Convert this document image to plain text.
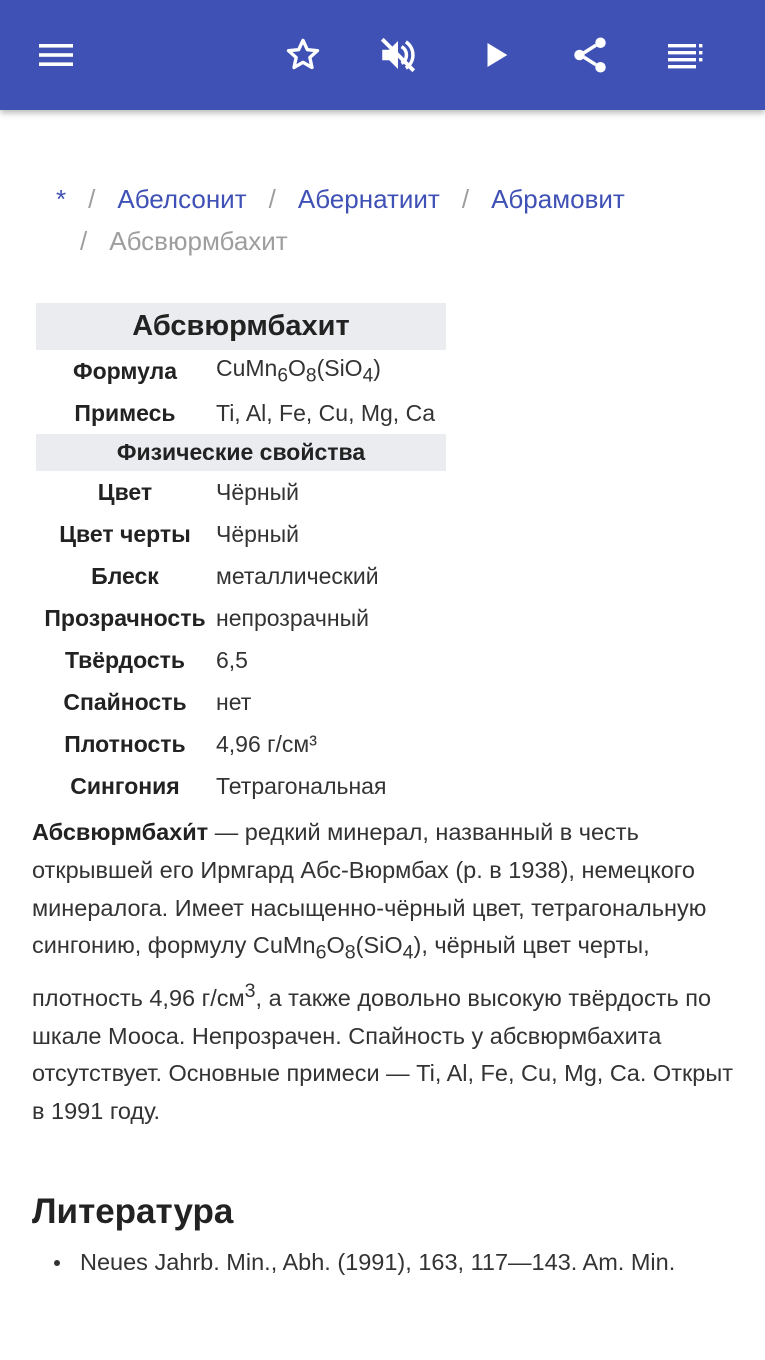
* / Абелсонит / Абернатиит / Абрамовит
/ Абсвюрмбахит
Абсвюрмбахит	
Формула	$CuMn_6O_8(SiO_4)$
Примесь	Ti, Al, Fe, Cu, Mg, Ca
Физические свойства	
Цвет	Чёрный
Цвет черты	Чёрный
Блеск	металлический
Прозрачность	непрозрачный
Твёрдость	6,5
Спайность	нет
Плотность	4,96 г/см³
Сингония	Тетрагональная

Абсвюрмбахи́т — редкий минерал, названный в честь открывшей его Ирмгард Абс-Вюрмбах (р. в 1938), немецкого минералога. Имеет насыщенно-чёрный цвет, тетрагональную сингонию, формулу $CuMn_6O_8(SiO_4)$, чёрный цвет черты, плотность 4,96 $г/см^3$, а также довольно высокую твёрдость по шкале Мооса. Непрозрачен. Спайность у абсвюрмбахита отсутствует. Основные примеси — Ti, Al, Fe, Cu, Mg, Ca. Открыт в 1991 году.

Литература
Neues Jahrb. Min., Abh. (1991), 163, 117—143. Am. Min.
